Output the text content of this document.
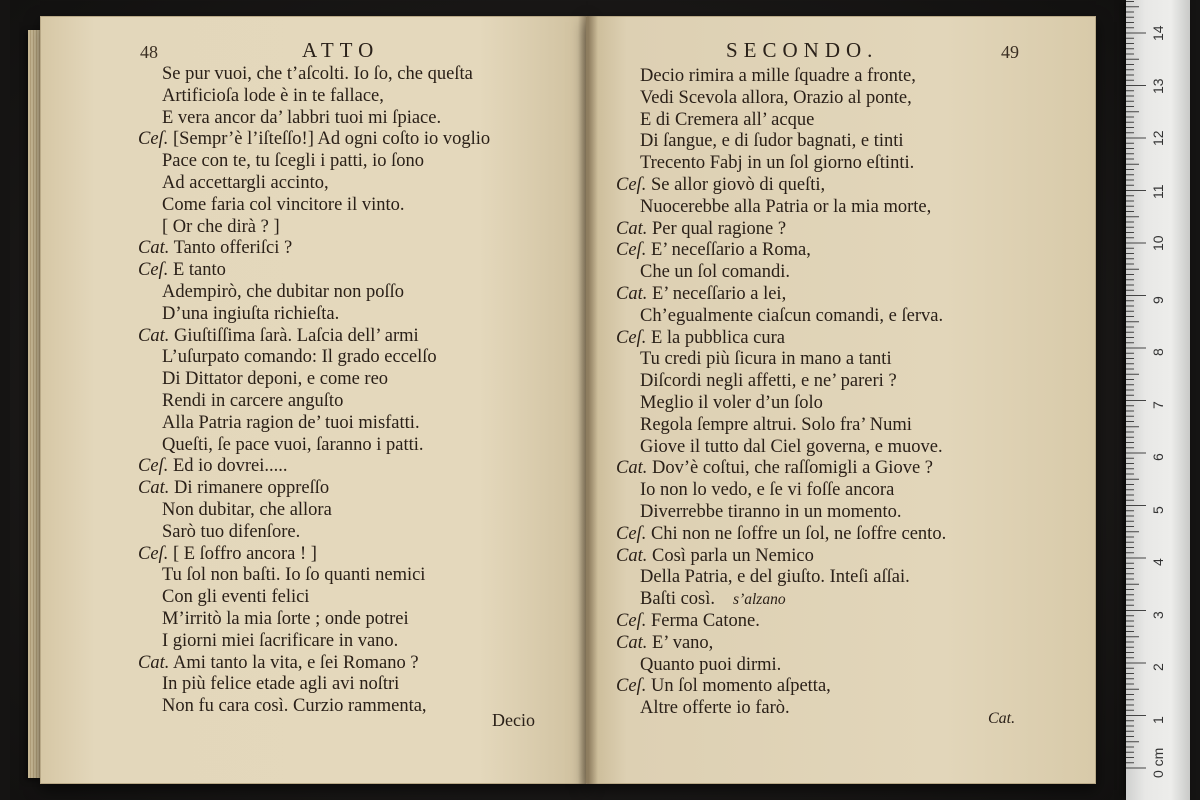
48	ATTO
Se pur vuoi, che t’aſcolti. Io ſo, che queſta
Artificioſa lode è in te fallace,
E vera ancor da’ labbri tuoi mi ſpiace.
Ceſ. [Sempr’è l’iſteſſo!] Ad ogni coſto io voglio
Pace con te, tu ſcegli i patti, io ſono
Ad accettargli accinto,
Come faria col vincitore il vinto.
[ Or che dirà ? ]
Cat. Tanto offeriſci ?
Ceſ. E tanto
Adempirò, che dubitar non poſſo
D’una ingiuſta richieſta.
Cat. Giuſtiſſima ſarà. Laſcia dell’ armi
L’uſurpato comando: Il grado eccelſo
Di Dittator deponi, e come reo
Rendi in carcere anguſto
Alla Patria ragion de’ tuoi misfatti.
Queſti, ſe pace vuoi, ſaranno i patti.
Ceſ. Ed io dovrei.....
Cat. Di rimanere oppreſſo
Non dubitar, che allora
Sarò tuo difenſore.
Ceſ. [ E ſoffro ancora ! ]
Tu ſol non baſti. Io ſo quanti nemici
Con gli eventi felici
M’irritò la mia ſorte ; onde potrei
I giorni miei ſacrificare in vano.
Cat. Ami tanto la vita, e ſei Romano ?
In più felice etade agli avi noſtri
Non fu cara così. Curzio rammenta,
Decio
SECONDO.	49
Decio rimira a mille ſquadre a fronte,
Vedi Scevola allora, Orazio al ponte,
E di Cremera all’ acque
Di ſangue, e di ſudor bagnati, e tinti
Trecento Fabj in un ſol giorno eſtinti.
Ceſ. Se allor giovò di queſti,
Nuocerebbe alla Patria or la mia morte,
Cat. Per qual ragione ?
Ceſ. E’ neceſſario a Roma,
Che un ſol comandi.
Cat. E’ neceſſario a lei,
Ch’egualmente ciaſcun comandi, e ſerva.
Ceſ. E la pubblica cura
Tu credi più ſicura in mano a tanti
Diſcordi negli affetti, e ne’ pareri ?
Meglio il voler d’un ſolo
Regola ſempre altrui. Solo fra’ Numi
Giove il tutto dal Ciel governa, e muove.
Cat. Dov’è coſtui, che raſſomigli a Giove ?
Io non lo vedo, e ſe vi foſſe ancora
Diverrebbe tiranno in un momento.
Ceſ. Chi non ne ſoffre un ſol, ne ſoffre cento.
Cat. Così parla un Nemico
Della Patria, e del giuſto. Inteſi aſſai.
Baſti così. s’alzano
Ceſ. Ferma Catone.
Cat. E’ vano,
Quanto puoi dirmi.
Ceſ. Un ſol momento aſpetta,
Altre offerte io farò.
Cat.
0 cm
1
2
3
4
5
6
7
8
9
10
11
12
13
14
